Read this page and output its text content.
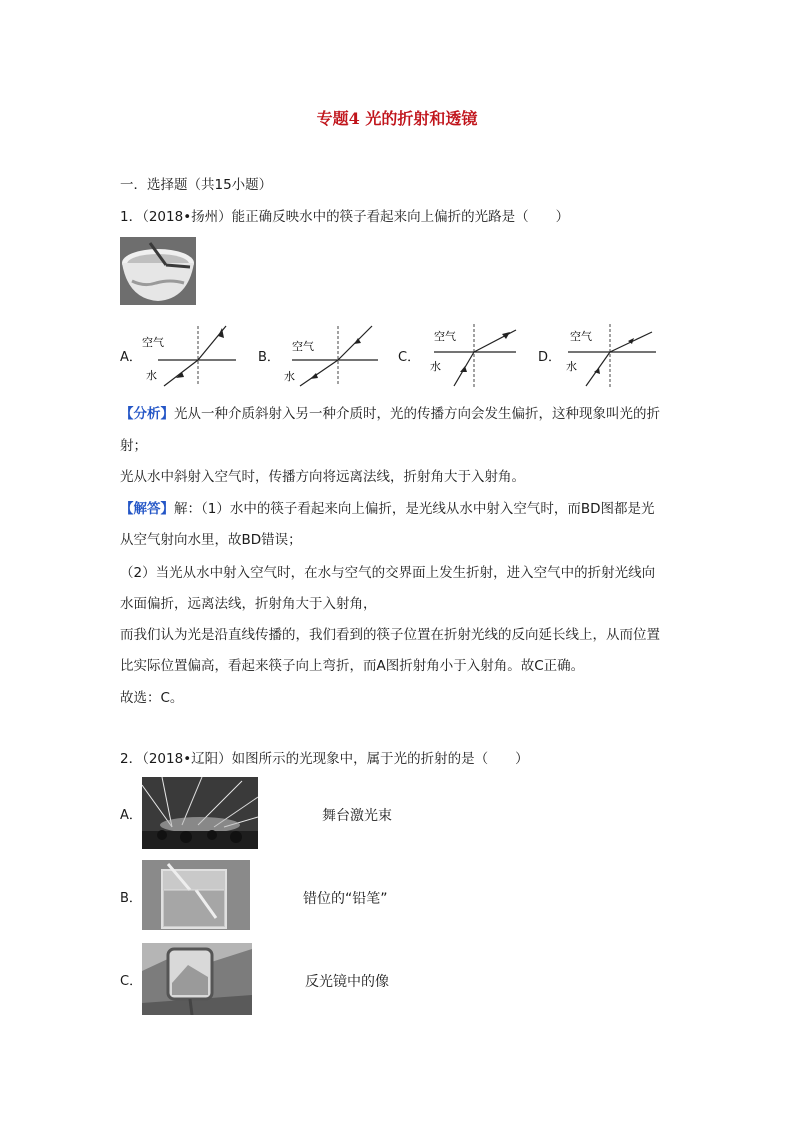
专题4 光的折射和透镜
一．选择题（共15小题）
1．（2018•扬州）能正确反映水中的筷子看起来向上偏折的光路是（　　）
A．
空气
水
B．
空气
水
C．
空气
水
D．
空气
水
【分析】光从一种介质斜射入另一种介质时，光的传播方向会发生偏折，这种现象叫光的折
射；
光从水中斜射入空气时，传播方向将远离法线，折射角大于入射角。
【解答】解：（1）水中的筷子看起来向上偏折，是光线从水中射入空气时，而BD图都是光
从空气射向水里，故BD错误；
（2）当光从水中射入空气时，在水与空气的交界面上发生折射，进入空气中的折射光线向
水面偏折，远离法线，折射角大于入射角，
而我们认为光是沿直线传播的，我们看到的筷子位置在折射光线的反向延长线上，从而位置
比实际位置偏高，看起来筷子向上弯折，而A图折射角小于入射角。故C正确。
故选：C。
2．（2018•辽阳）如图所示的光现象中，属于光的折射的是（　　）
A．	舞台激光束
B．	错位的“铅笔”
C．	反光镜中的像
